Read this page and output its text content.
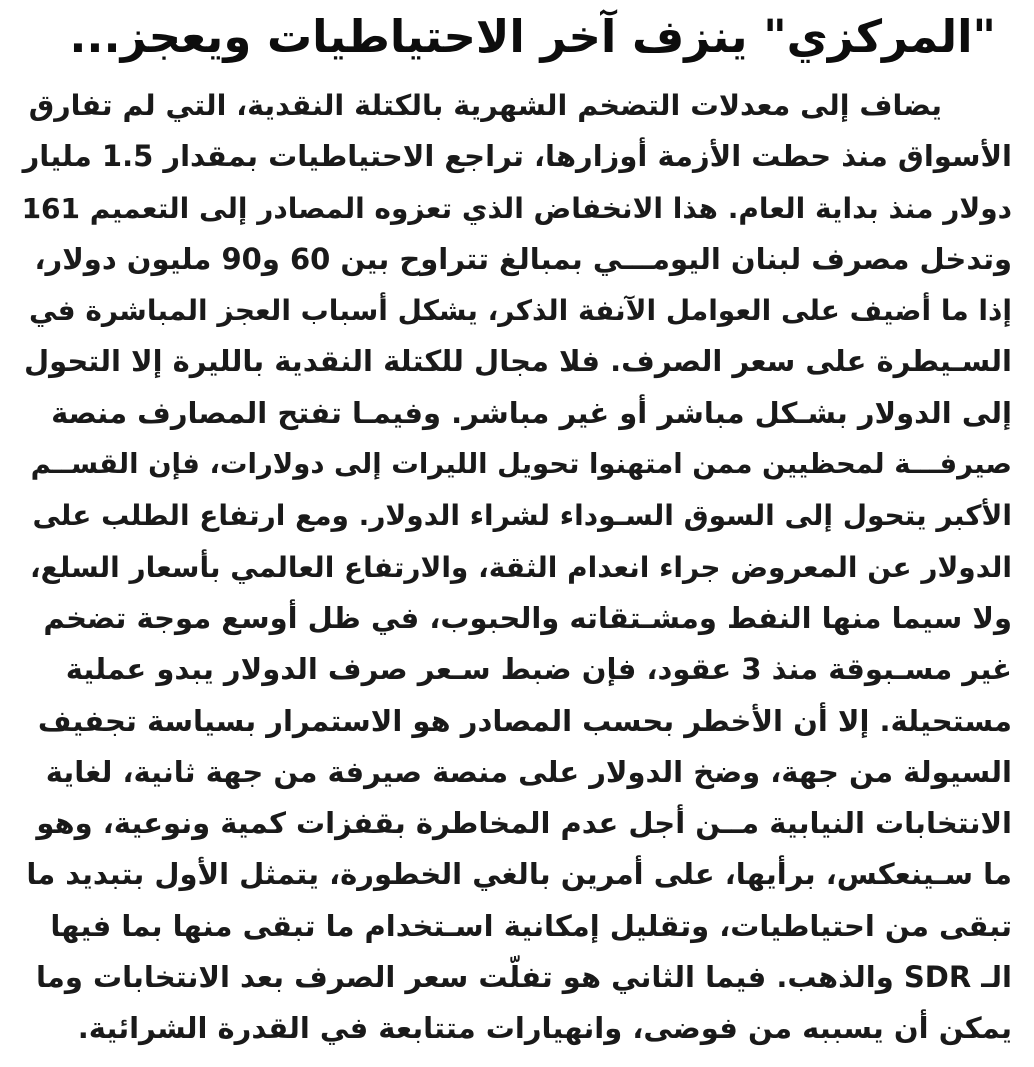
"المركزي" ينزف آخر الاحتياطيات ويعجز...
يضاف إلى معدلات التضخم الشهرية بالكتلة النقدية، التي لم تفارق
الأسواق منذ حطت الأزمة أوزارها، تراجع الاحتياطيات بمقدار 1.5 مليار
دولار منذ بداية العام. هذا الانخفاض الذي تعزوه المصادر إلى التعميم 161
وتدخل مصرف لبنان اليومـــي بمبالغ تتراوح بين 60 و90 مليون دولار،
إذا ما أضيف على العوامل الآنفة الذكر، يشكل أسباب العجز المباشرة في
السـيطرة على سعر الصرف. فلا مجال للكتلة النقدية بالليرة إلا التحول
إلى الدولار بشـكل مباشر أو غير مباشر. وفيمـا تفتح المصارف منصة
صيرفـــة لمحظيين ممن امتهنوا تحويل الليرات إلى دولارات، فإن القســم
الأكبر يتحول إلى السوق السـوداء لشراء الدولار. ومع ارتفاع الطلب على
الدولار عن المعروض جراء انعدام الثقة، والارتفاع العالمي بأسعار السلع،
ولا سيما منها النفط ومشـتقاته والحبوب، في ظل أوسع موجة تضخم
غير مسـبوقة منذ 3 عقود، فإن ضبط سـعر صرف الدولار يبدو عملية
مستحيلة. إلا أن الأخطر بحسب المصادر هو الاستمرار بسياسة تجفيف
السيولة من جهة، وضخ الدولار على منصة صيرفة من جهة ثانية، لغاية
الانتخابات النيابية مــن أجل عدم المخاطرة بقفزات كمية ونوعية، وهو
ما سـينعكس، برأيها، على أمرين بالغي الخطورة، يتمثل الأول بتبديد ما
تبقى من احتياطيات، وتقليل إمكانية اسـتخدام ما تبقى منها بما فيها
الـ SDR والذهب. فيما الثاني هو تفلّت سعر الصرف بعد الانتخابات وما
يمكن أن يسببه من فوضى، وانهيارات متتابعة في القدرة الشرائية.
